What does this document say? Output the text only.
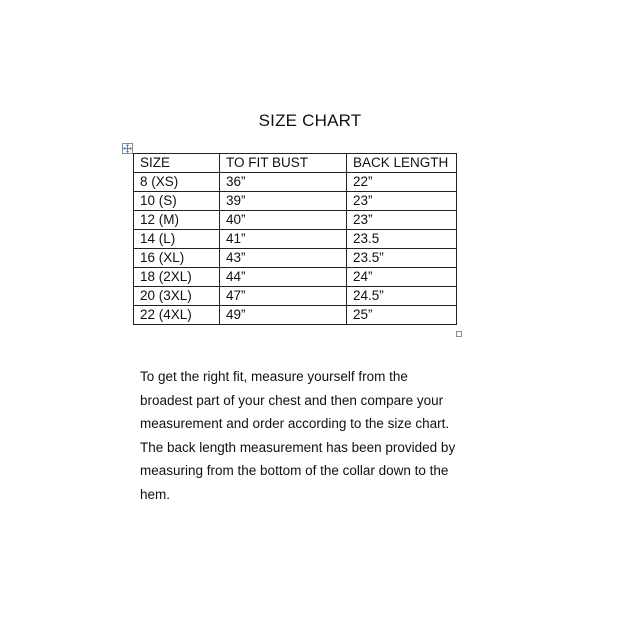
SIZE CHART
SIZE	TO FIT BUST	BACK LENGTH
8 (XS)	36”	22”
10 (S)	39”	23”
12 (M)	40”	23”
14 (L)	41”	23.5
16 (XL)	43”	23.5”
18 (2XL)	44”	24”
20 (3XL)	47”	24.5”
22 (4XL)	49”	25”
To get the right fit, measure yourself from the
broadest part of your chest and then compare your
measurement and order according to the size chart.
The back length measurement has been provided by
measuring from the bottom of the collar down to the
hem.
